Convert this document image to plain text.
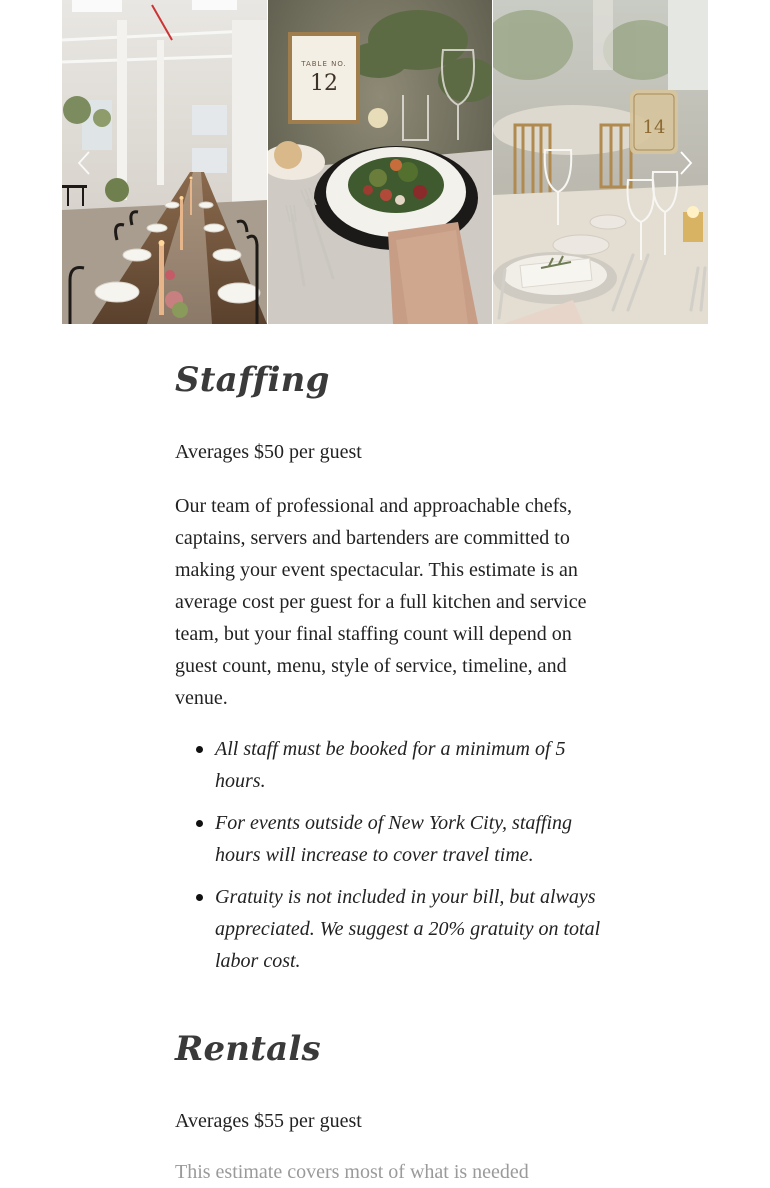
TABLE NO.
12
14
Staffing

Averages $50 per guest

Our team of professional and approachable chefs, captains, servers and bartenders are committed to making your event spectacular. This estimate is an average cost per guest for a full kitchen and service team, but your final staffing count will depend on guest count, menu, style of service, timeline, and venue.

All staff must be booked for a minimum of 5 hours.
For events outside of New York City, staffing hours will increase to cover travel time.
Gratuity is not included in your bill, but always appreciated. We suggest a 20% gratuity on total labor cost.
Rentals

Averages $55 per guest

This estimate covers most of what is needed
